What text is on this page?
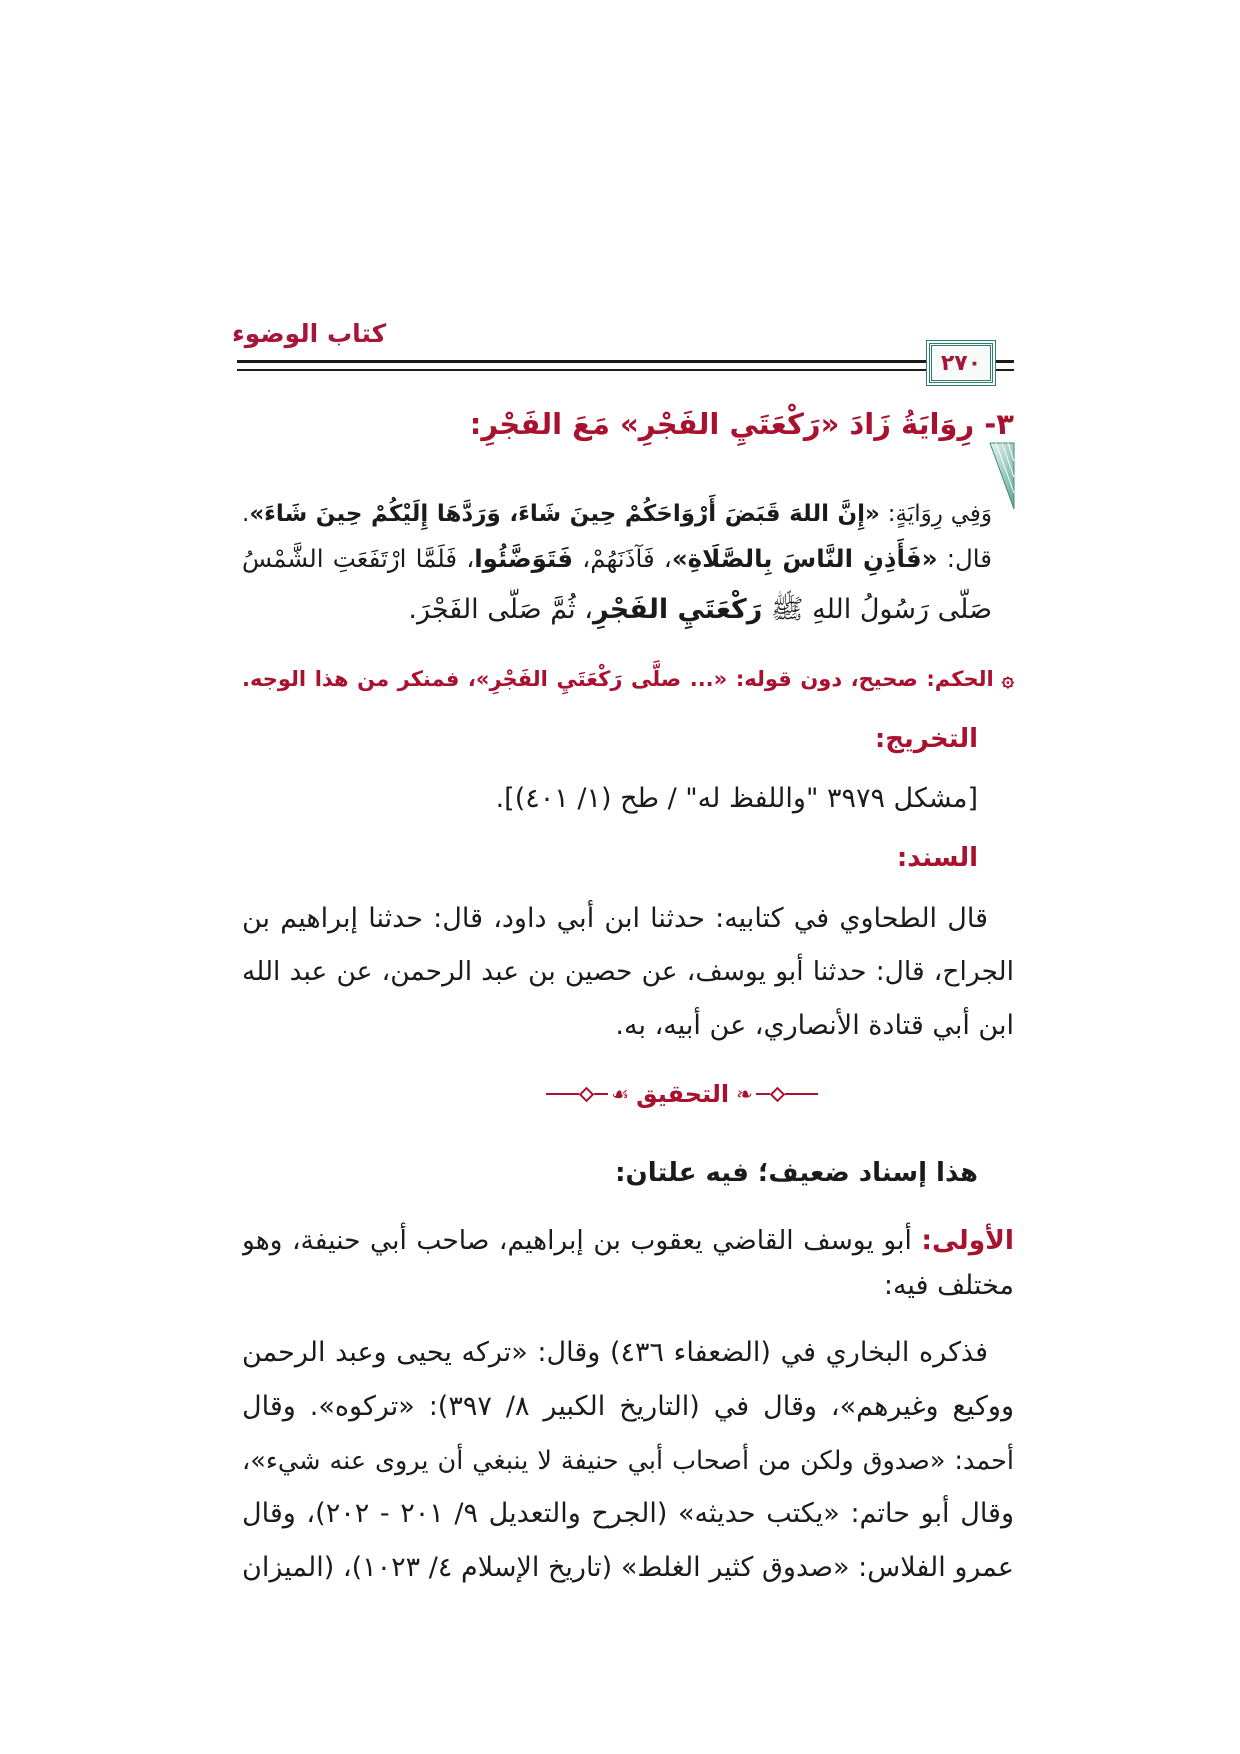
كتاب الوضوء
٢٧٠
٣- رِوَايَةُ زَادَ «رَكْعَتَيِ الفَجْرِ» مَعَ الفَجْرِ:
وَفِي رِوَايَةٍ: «إِنَّ اللهَ قَبَضَ أَرْوَاحَكُمْ حِينَ شَاءَ، وَرَدَّهَا إِلَيْكُمْ حِينَ شَاءَ».
قال: «فَأَذِنِ النَّاسَ بِالصَّلَاةِ»، فَآذَنَهُمْ، فَتَوَضَّئُوا، فَلَمَّا ارْتَفَعَتِ الشَّمْسُ
صَلَّى رَسُولُ اللهِ ﷺ رَكْعَتَيِ الفَجْرِ، ثُمَّ صَلَّى الفَجْرَ.
۞الحكم: صحيح، دون قوله: «... صلَّى رَكْعَتَيِ الفَجْرِ»، فمنكر من هذا الوجه.
التخريج:
[مشكل ٣٩٧٩ "واللفظ له" / طح (١/ ٤٠١)].
السند:
قال الطحاوي في كتابيه: حدثنا ابن أبي داود، قال: حدثنا إبراهيم بن
الجراح، قال: حدثنا أبو يوسف، عن حصين بن عبد الرحمن، عن عبد الله
ابن أبي قتادة الأنصاري، عن أبيه، به.
❧
التحقيق
☙
هذا إسناد ضعيف؛ فيه علتان:
الأولى: أبو يوسف القاضي يعقوب بن إبراهيم، صاحب أبي حنيفة، وهو
مختلف فيه:
فذكره البخاري في (الضعفاء ٤٣٦) وقال: «تركه يحيى وعبد الرحمن
ووكيع وغيرهم»، وقال في (التاريخ الكبير ٨/ ٣٩٧): «تركوه». وقال
أحمد: «صدوق ولكن من أصحاب أبي حنيفة لا ينبغي أن يروى عنه شيء»،
وقال أبو حاتم: «يكتب حديثه» (الجرح والتعديل ٩/ ٢٠١ - ٢٠٢)، وقال
عمرو الفلاس: «صدوق كثير الغلط» (تاريخ الإسلام ٤/ ١٠٢٣)، (الميزان
